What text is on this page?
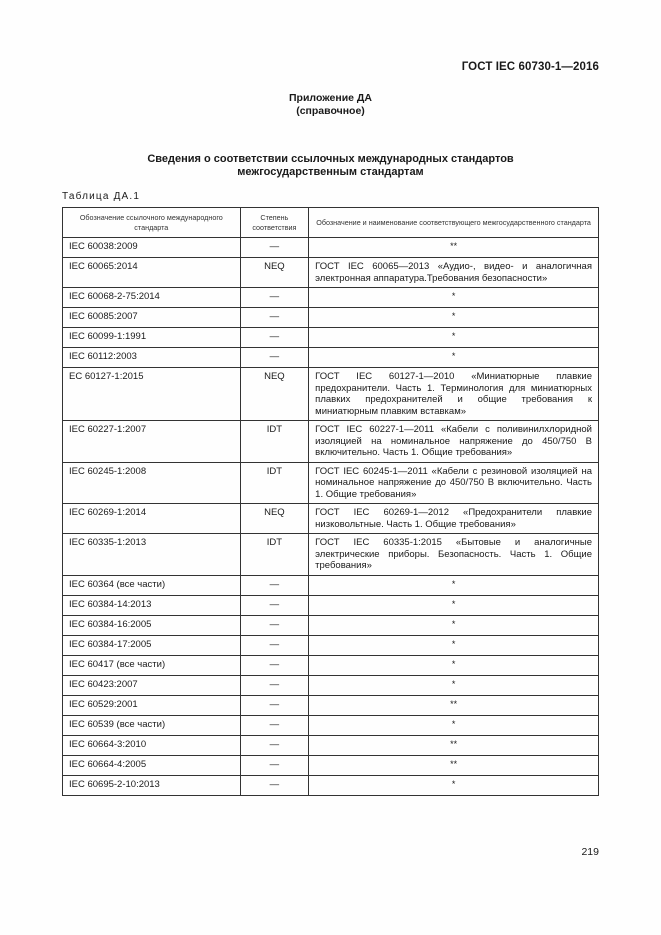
ГОСТ IEC 60730-1—2016
Приложение ДА
(справочное)
Сведения о соответствии ссылочных международных стандартов
межгосударственным стандартам
Таблица ДА.1
Обозначение ссылочного международного стандарта	Степень соответствия	Обозначение и наименование соответствующего межгосударственного стандарта
IEC 60038:2009	—	**
IEC 60065:2014	NEQ	ГОСТ IEC 60065—2013 «Аудио-, видео- и аналогичная электронная аппаратура.Требования безопасности»
IEC 60068-2-75:2014	—	*
IEC 60085:2007	—	*
IEC 60099-1:1991	—	*
IEC 60112:2003	—	*
EC 60127-1:2015	NEQ	ГОСТ IEC 60127-1—2010 «Миниатюрные плавкие предохранители. Часть 1. Терминология для миниатюрных плавких предохранителей и общие требования к миниатюрным плавким вставкам»
IEC 60227-1:2007	IDT	ГОСТ IEC 60227-1—2011 «Кабели с поливинилхлоридной изоляцией на номинальное напряжение до 450/750 В включительно. Часть 1. Общие требования»
IEC 60245-1:2008	IDT	ГОСТ IEC 60245-1—2011 «Кабели с резиновой изоляцией на номинальное напряжение до 450/750 В включительно. Часть 1. Общие требования»
IEC 60269-1:2014	NEQ	ГОСТ IEC 60269-1—2012 «Предохранители плавкие низковольтные. Часть 1. Общие требования»
IEC 60335-1:2013	IDT	ГОСТ IEC 60335-1:2015 «Бытовые и аналогичные электрические приборы. Безопасность. Часть 1. Общие требования»
IEC 60364 (все части)	—	*
IEC 60384-14:2013	—	*
IEC 60384-16:2005	—	*
IEC 60384-17:2005	—	*
IEC 60417 (все части)	—	*
IEC 60423:2007	—	*
IEC 60529:2001	—	**
IEC 60539 (все части)	—	*
IEC 60664-3:2010	—	**
IEC 60664-4:2005	—	**
IEC 60695-2-10:2013	—	*
219
